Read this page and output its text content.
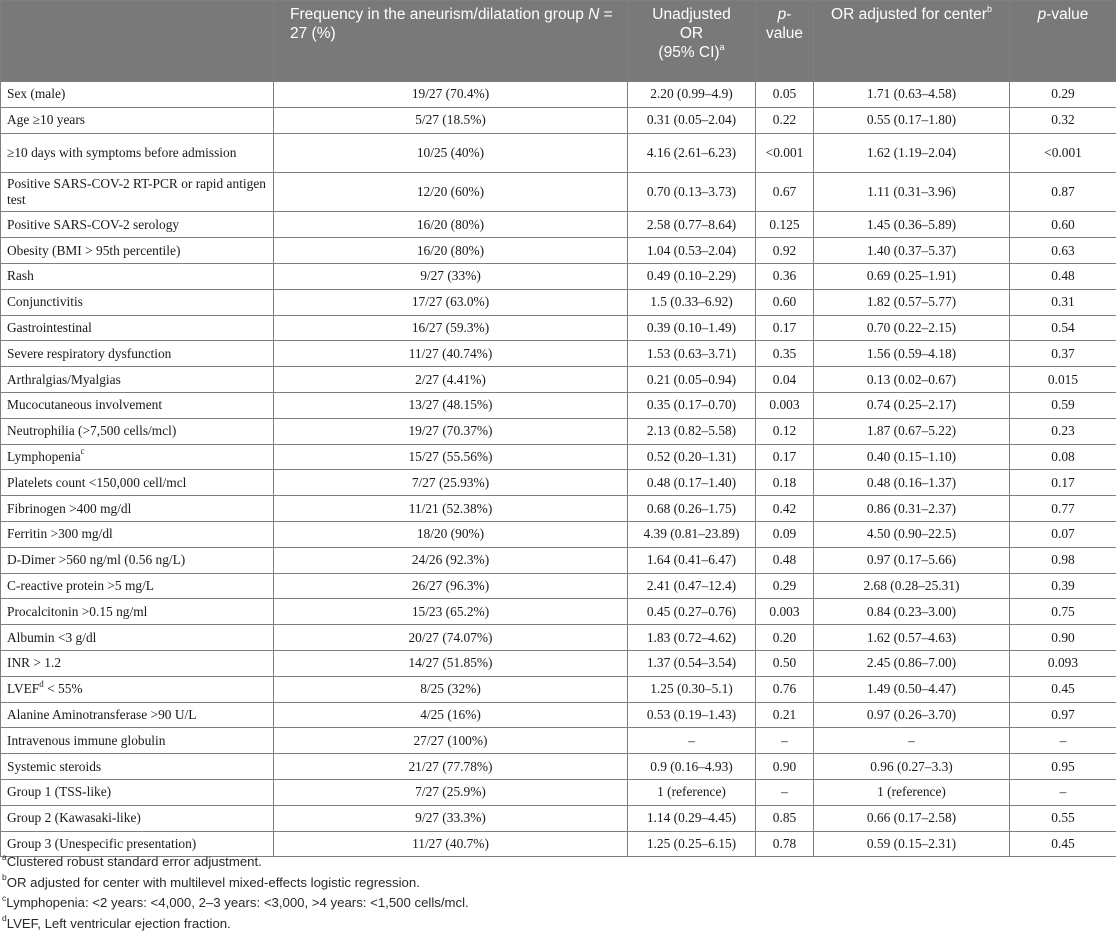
	Frequency in the aneurism/dilatation group N = 27 (%)	Unadjusted
OR
(95% CI)$^a$	p-value	OR adjusted for center$^b$	p-value
Sex (male)	19/27 (70.4%)	2.20 (0.99–4.9)	0.05	1.71 (0.63–4.58)	0.29
Age ≥10 years	5/27 (18.5%)	0.31 (0.05–2.04)	0.22	0.55 (0.17–1.80)	0.32
≥10 days with symptoms before admission	10/25 (40%)	4.16 (2.61–6.23)	<0.001	1.62 (1.19–2.04)	<0.001
Positive SARS-COV-2 RT-PCR or rapid antigen test	12/20 (60%)	0.70 (0.13–3.73)	0.67	1.11 (0.31–3.96)	0.87
Positive SARS-COV-2 serology	16/20 (80%)	2.58 (0.77–8.64)	0.125	1.45 (0.36–5.89)	0.60
Obesity (BMI > 95th percentile)	16/20 (80%)	1.04 (0.53–2.04)	0.92	1.40 (0.37–5.37)	0.63
Rash	9/27 (33%)	0.49 (0.10–2.29)	0.36	0.69 (0.25–1.91)	0.48
Conjunctivitis	17/27 (63.0%)	1.5 (0.33–6.92)	0.60	1.82 (0.57–5.77)	0.31
Gastrointestinal	16/27 (59.3%)	0.39 (0.10–1.49)	0.17	0.70 (0.22–2.15)	0.54
Severe respiratory dysfunction	11/27 (40.74%)	1.53 (0.63–3.71)	0.35	1.56 (0.59–4.18)	0.37
Arthralgias/Myalgias	2/27 (4.41%)	0.21 (0.05–0.94)	0.04	0.13 (0.02–0.67)	0.015
Mucocutaneous involvement	13/27 (48.15%)	0.35 (0.17–0.70)	0.003	0.74 (0.25–2.17)	0.59
Neutrophilia (>7,500 cells/mcl)	19/27 (70.37%)	2.13 (0.82–5.58)	0.12	1.87 (0.67–5.22)	0.23
Lymphopenia$^c$	15/27 (55.56%)	0.52 (0.20–1.31)	0.17	0.40 (0.15–1.10)	0.08
Platelets count <150,000 cell/mcl	7/27 (25.93%)	0.48 (0.17–1.40)	0.18	0.48 (0.16–1.37)	0.17
Fibrinogen >400 mg/dl	11/21 (52.38%)	0.68 (0.26–1.75)	0.42	0.86 (0.31–2.37)	0.77
Ferritin >300 mg/dl	18/20 (90%)	4.39 (0.81–23.89)	0.09	4.50 (0.90–22.5)	0.07
D-Dimer >560 ng/ml (0.56 ng/L)	24/26 (92.3%)	1.64 (0.41–6.47)	0.48	0.97 (0.17–5.66)	0.98
C-reactive protein >5 mg/L	26/27 (96.3%)	2.41 (0.47–12.4)	0.29	2.68 (0.28–25.31)	0.39
Procalcitonin >0.15 ng/ml	15/23 (65.2%)	0.45 (0.27–0.76)	0.003	0.84 (0.23–3.00)	0.75
Albumin <3 g/dl	20/27 (74.07%)	1.83 (0.72–4.62)	0.20	1.62 (0.57–4.63)	0.90
INR > 1.2	14/27 (51.85%)	1.37 (0.54–3.54)	0.50	2.45 (0.86–7.00)	0.093
$LVEF^d < 55\%$	8/25 (32%)	1.25 (0.30–5.1)	0.76	1.49 (0.50–4.47)	0.45
Alanine Aminotransferase >90 U/L	4/25 (16%)	0.53 (0.19–1.43)	0.21	0.97 (0.26–3.70)	0.97
Intravenous immune globulin	27/27 (100%)	–	–	–	–
Systemic steroids	21/27 (77.78%)	0.9 (0.16–4.93)	0.90	0.96 (0.27–3.3)	0.95
Group 1 (TSS-like)	7/27 (25.9%)	1 (reference)	–	1 (reference)	–
Group 2 (Kawasaki-like)	9/27 (33.3%)	1.14 (0.29–4.45)	0.85	0.66 (0.17–2.58)	0.55
Group 3 (Unespecific presentation)	11/27 (40.7%)	1.25 (0.25–6.15)	0.78	0.59 (0.15–2.31)	0.45

$^a$Clustered robust standard error adjustment.

$^b$OR adjusted for center with multilevel mixed-effects logistic regression.

$^c$Lymphopenia: <2 years: <4,000, 2–3 years: <3,000, >4 years: <1,500 cells/mcl.

$^d$LVEF, Left ventricular ejection fraction.
